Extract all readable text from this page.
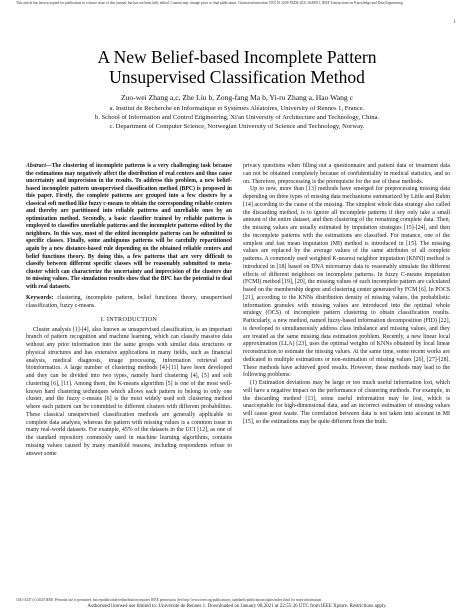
This article has been accepted for publication in a future issue of this journal, but has not been fully edited. Content may change prior to final publication. Citation information: DOI 10.1109/TKDE.2021.3048911, IEEE Transactions on Knowledge and Data Engineering
1
A New Belief-based Incomplete Pattern
Unsupervised Classification Method
Zuo-wei Zhang a,c, Zhe Liu b, Zong-fang Ma b, Yi-ru Zhang a, Hao Wang c
a. Institut de Recherche en Informatique et Systèmes Aléatoires, University of Rennes 1, France.
b. School of Information and Control Engineering, Xi'an University of Architecture and Technology, China.
c. Department of Computer Science, Norwegian University of Science and Technology, Norway.
Abstract—The clustering of incomplete patterns is a very challenging task because the estimations may negatively affect the distribution of real centers and thus cause uncertainty and imprecision in the results. To address this problem, a new belief-based incomplete pattern unsupervised classification method (BPC) is proposed in this paper. Firstly, the complete patterns are grouped into a few clusters by a classical soft method like fuzzy c-means to obtain the corresponding reliable centers and thereby are partitioned into reliable patterns and unreliable ones by an optimization method. Secondly, a basic classifier trained by reliable patterns is employed to classifies unreliable patterns and the incomplete patterns edited by the neighbors. In this way, most of the edited incomplete patterns can be submitted to specific classes. Finally, some ambiguous patterns will be carefully repartitioned again by a new distance-based rule depending on the obtained reliable centers and belief functions theory. By doing this, a few patterns that are very difficult to classify between different specific classes will be reasonably submitted to meta-cluster which can characterize the uncertainty and imprecision of the clusters due to missing values. The simulation results show that the BPC has the potential to deal with real datasets.
Keywords: clustering, incomplete pattern, belief functions theory, unsupervised classification, fuzzy c-means.
I. INTRODUCTION

Cluster analysis [1]-[4], also known as unsupervised classification, is an important branch of pattern recognition and machine learning, which can classify massive data without any prior information into the same groups with similar data structures or physical structures and has extensive applications in many fields, such as financial analysis, medical diagnosis, image processing, information retrieval and bioinformatics. A large number of clustering methods [4]-[11] have been developed and they can be divided into two types, namely hard clustering [4], [5] and soft clustering [6], [11]. Among them, the K-means algorithm [5] is one of the most well-known hard clustering techniques which allows each pattern to belong to only one cluster, and the fuzzy c-means [6] is the most widely used soft clustering method where each pattern can be committed to different clusters with different probabilities. These classical unsupervised classification methods are generally applicable to complete data analysis, whereas the pattern with missing values is a common issue in many real-world datasets. For example, 45% of the datasets in the UCI [12], as one of the standard repository commonly used in machine learning algorithms, contains missing values caused by many manifold reasons, including respondents refuse to answer some

privacy questions when filling out a questionnaire and patient data or treatment data can not be obtained completely because of confidentiality in medical statistics, and so on. Therefore, preprocessing is the prerequisite for the use of these methods.

Up to now, more than [13] methods have emerged for preprocessing missing data depending on three types of missing data mechanisms summarized by Little and Rubin [14] according to the cause of the missing. The simplest whole data strategy also called the discarding method, is to ignore all incomplete patterns if they only take a small amount of the entire dataset, and then clustering of the remaining complete data. Then, the missing values are usually estimated by imputation strategies [15]-[24], and then the incomplete patterns with the estimations are classified. For instance, one of the simplest and fast mean imputation (MI) method is introduced in [15]. The missing values are replaced by the average values of the same attributes of all complete patterns. A commonly used weighted K-nearest neighbor imputation (KNNI) method is introduced in [18] based on DNA microarray data to reasonably simulate the different effects of different neighbors on incomplete patterns. In fuzzy C-means imputation (FCMI) method [19], [20], the missing values of each incomplete pattern are calculated based on the membership degree and clustering center generated by FCM [6]. In POCS [21], according to the KNNs distribution density of missing values, the probabilistic information granules with missing values are introduced into the optimal whole strategy (OCS) of incomplete pattern clustering to obtain classification results. Particularly, a new method, named fuzzy-based information decomposition (FID) [22], is developed to simultaneously address class imbalance and missing values, and they are treated as the same missing data estimation problem. Recently, a new linear local approximation (LLA) [23], uses the optimal weights of KNNs obtained by local linear reconstruction to estimate the missing values. At the same time, some recent works are dedicated to multiple estimations or non-estimation of missing values [26], [27]-[28]. These methods have achieved good results. However, these methods may lead to the following problems:

(1) Estimation deviations may be large or too much useful information lost, which will have a negative impact on the performance of clustering methods. For example, in the discarding method [13], some useful information may be lost, which is unacceptable for high-dimensional data, and an incorrect estimation of missing values will cause great waste. The correlation between data is not taken into account in MI [15], so the estimations may be quite different from the truth.

1041-4347 (c) 2020 IEEE. Personal use is permitted, but republication/redistribution requires IEEE permission. See http://www.ieee.org/publications_standards/publications/rights/index.html for more information.
Authorized licensed use limited to: Universite de Rennes 1. Downloaded on January 08,2021 at 22:55:36 UTC from IEEE Xplore. Restrictions apply.
